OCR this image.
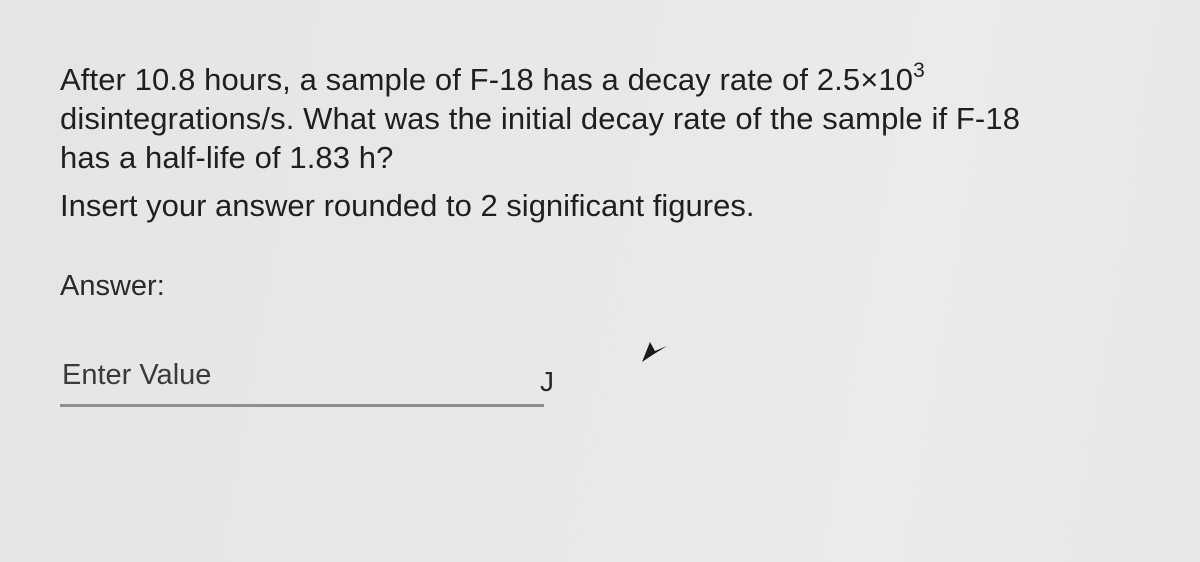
After 10.8 hours, a sample of F-18 has a decay rate of $2.5\times 10^3$
disintegrations/s. What was the initial decay rate of the sample if F-18
has a half-life of 1.83 h?
Insert your answer rounded to 2 significant figures.
Answer:
Enter Value
J
